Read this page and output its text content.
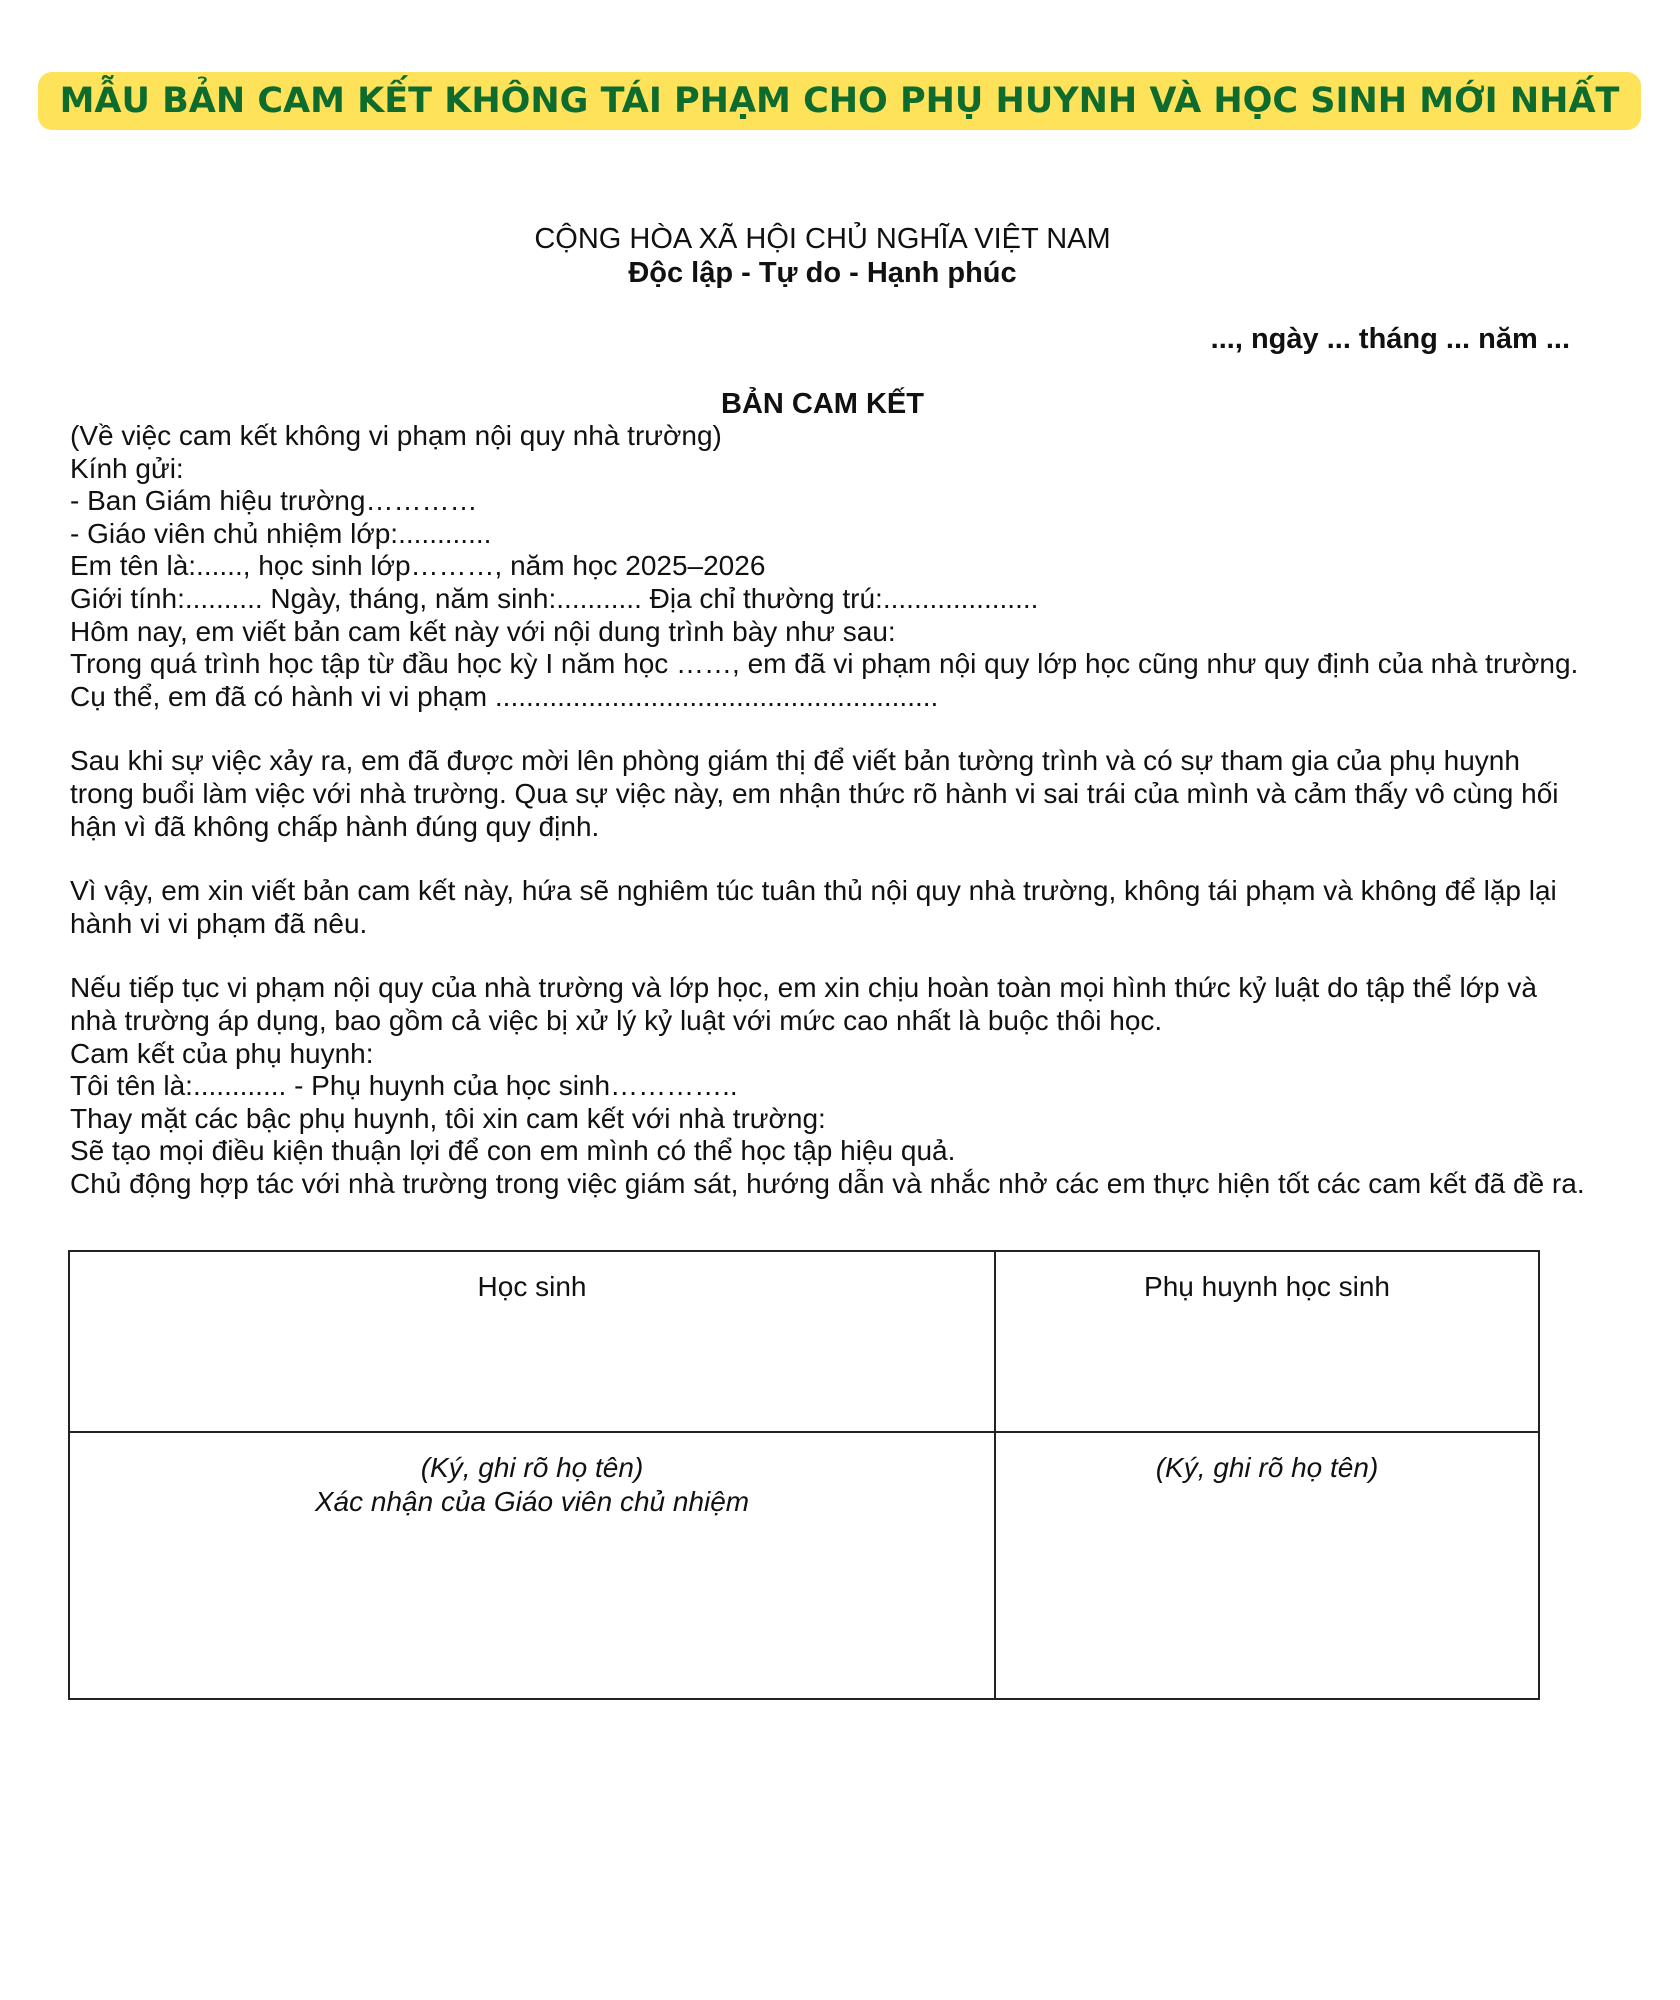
MẪU BẢN CAM KẾT KHÔNG TÁI PHẠM CHO PHỤ HUYNH VÀ HỌC SINH MỚI NHẤT
CỘNG HÒA XÃ HỘI CHỦ NGHĨA VIỆT NAM
Độc lập - Tự do - Hạnh phúc
..., ngày ... tháng ... năm ...
BẢN CAM KẾT

(Về việc cam kết không vi phạm nội quy nhà trường)

Kính gửi:

- Ban Giám hiệu trường…………

- Giáo viên chủ nhiệm lớp:............

Em tên là:......, học sinh lớp………, năm học 2025–2026

Giới tính:.......... Ngày, tháng, năm sinh:........... Địa chỉ thường trú:....................

Hôm nay, em viết bản cam kết này với nội dung trình bày như sau:

Trong quá trình học tập từ đầu học kỳ I năm học ……, em đã vi phạm nội quy lớp học cũng như quy định của nhà trường. Cụ thể, em đã có hành vi vi phạm .........................................................

Sau khi sự việc xảy ra, em đã được mời lên phòng giám thị để viết bản tường trình và có sự tham gia của phụ huynh trong buổi làm việc với nhà trường. Qua sự việc này, em nhận thức rõ hành vi sai trái của mình và cảm thấy vô cùng hối hận vì đã không chấp hành đúng quy định.

Vì vậy, em xin viết bản cam kết này, hứa sẽ nghiêm túc tuân thủ nội quy nhà trường, không tái phạm và không để lặp lại hành vi vi phạm đã nêu.

Nếu tiếp tục vi phạm nội quy của nhà trường và lớp học, em xin chịu hoàn toàn mọi hình thức kỷ luật do tập thể lớp và nhà trường áp dụng, bao gồm cả việc bị xử lý kỷ luật với mức cao nhất là buộc thôi học.

Cam kết của phụ huynh:

Tôi tên là:............ - Phụ huynh của học sinh…………..

Thay mặt các bậc phụ huynh, tôi xin cam kết với nhà trường:

Sẽ tạo mọi điều kiện thuận lợi để con em mình có thể học tập hiệu quả.

Chủ động hợp tác với nhà trường trong việc giám sát, hướng dẫn và nhắc nhở các em thực hiện tốt các cam kết đã đề ra.

Học sinh	Phụ huynh học sinh

(Ký, ghi rõ họ tên)
Xác nhận của Giáo viên chủ nhiệm	(Ký, ghi rõ họ tên)
